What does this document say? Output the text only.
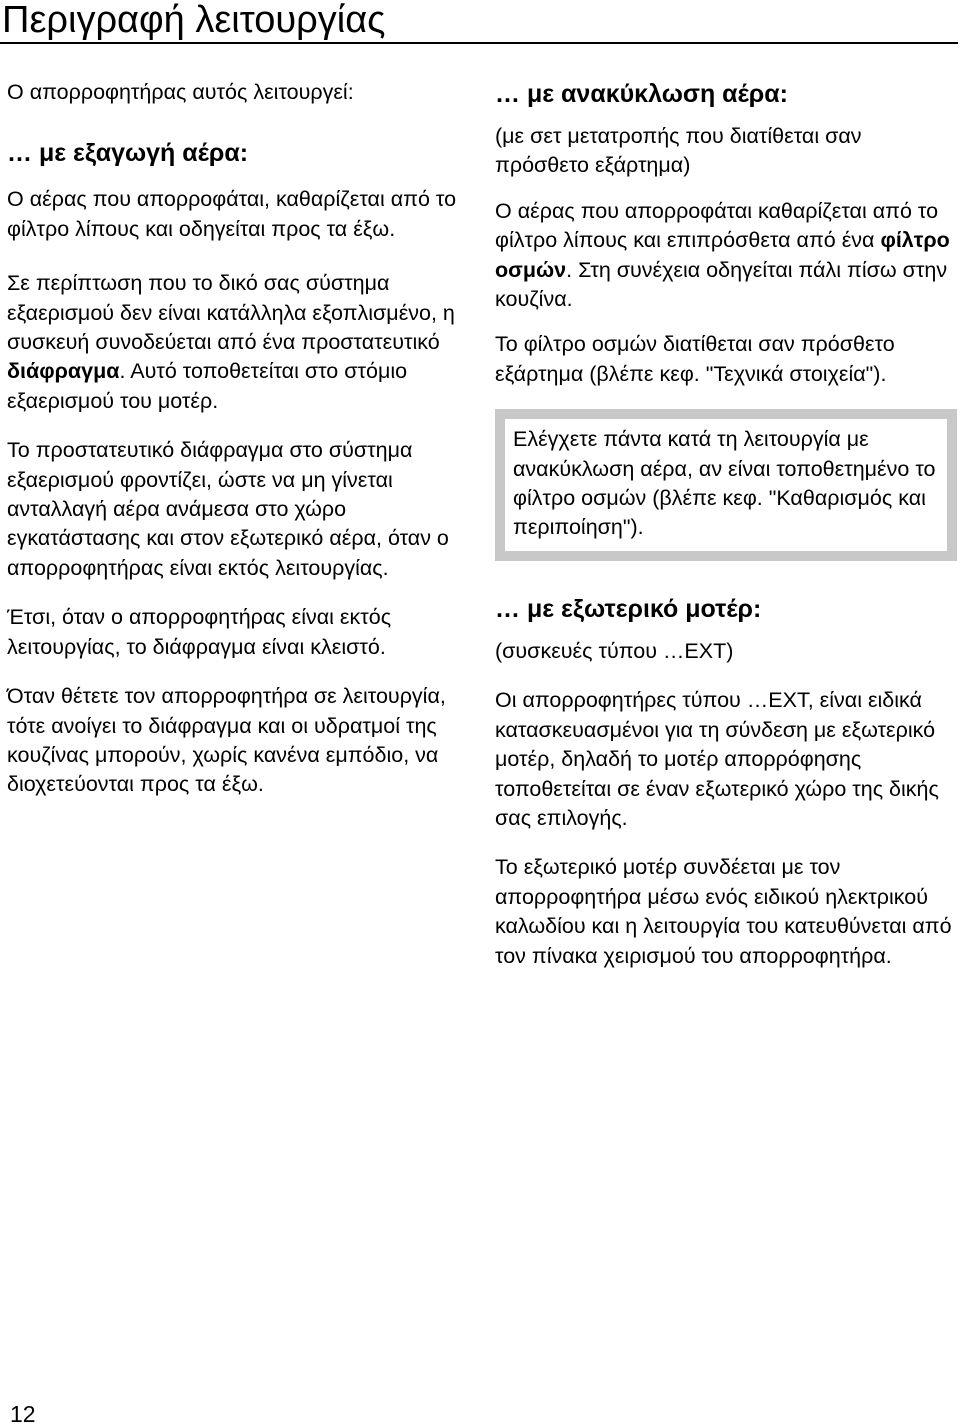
Περιγραφή λειτουργίας

Ο απορροφητήρας αυτός λειτουργεί:

… με εξαγωγή αέρα:

Ο αέρας που απορροφάται, καθαρίζεται από το φίλτρο λίπους και οδηγείται προς τα έξω.

Σε περίπτωση που το δικό σας σύστημα εξαερισμού δεν είναι κατάλληλα εξοπλισμένο, η συσκευή συνοδεύεται από ένα προστατευτικό διάφραγμα. Αυτό τοποθετείται στο στόμιο εξαερισμού του μοτέρ.

Το προστατευτικό διάφραγμα στο σύστημα εξαερισμού φροντίζει, ώστε να μη γίνεται ανταλλαγή αέρα ανάμεσα στο χώρο εγκατάστασης και στον εξωτερικό αέρα, όταν ο απορροφητήρας είναι εκτός λειτουργίας.

Έτσι, όταν ο απορροφητήρας είναι εκτός λειτουργίας, το διάφραγμα είναι κλειστό.

Όταν θέτετε τον απορροφητήρα σε λειτουργία, τότε ανοίγει το διάφραγμα και οι υδρατμοί της κουζίνας μπορούν, χωρίς κανένα εμπόδιο, να διοχετεύονται προς τα έξω.

… με ανακύκλωση αέρα:

(με σετ μετατροπής που διατίθεται σαν πρόσθετο εξάρτημα)

Ο αέρας που απορροφάται καθαρίζεται από το φίλτρο λίπους και επιπρόσθετα από ένα φίλτρο οσμών. Στη συνέχεια οδηγείται πάλι πίσω στην κουζίνα.

Το φίλτρο οσμών διατίθεται σαν πρόσθετο εξάρτημα (βλέπε κεφ. "Τεχνικά στοιχεία").

Ελέγχετε πάντα κατά τη λειτουργία με ανακύκλωση αέρα, αν είναι τοποθετημένο το φίλτρο οσμών (βλέπε κεφ. "Καθαρισμός και περιποίηση").

… με εξωτερικό μοτέρ:

(συσκευές τύπου …EXT)

Οι απορροφητήρες τύπου …EXT, είναι ειδικά κατασκευασμένοι για τη σύνδεση με εξωτερικό μοτέρ, δηλαδή το μοτέρ απορρόφησης τοποθετείται σε έναν εξωτερικό χώρο της δικής σας επιλογής.

Το εξωτερικό μοτέρ συνδέεται με τον απορροφητήρα μέσω ενός ειδικού ηλεκτρικού καλωδίου και η λειτουργία του κατευθύνεται από τον πίνακα χειρισμού του απορροφητήρα.

12
